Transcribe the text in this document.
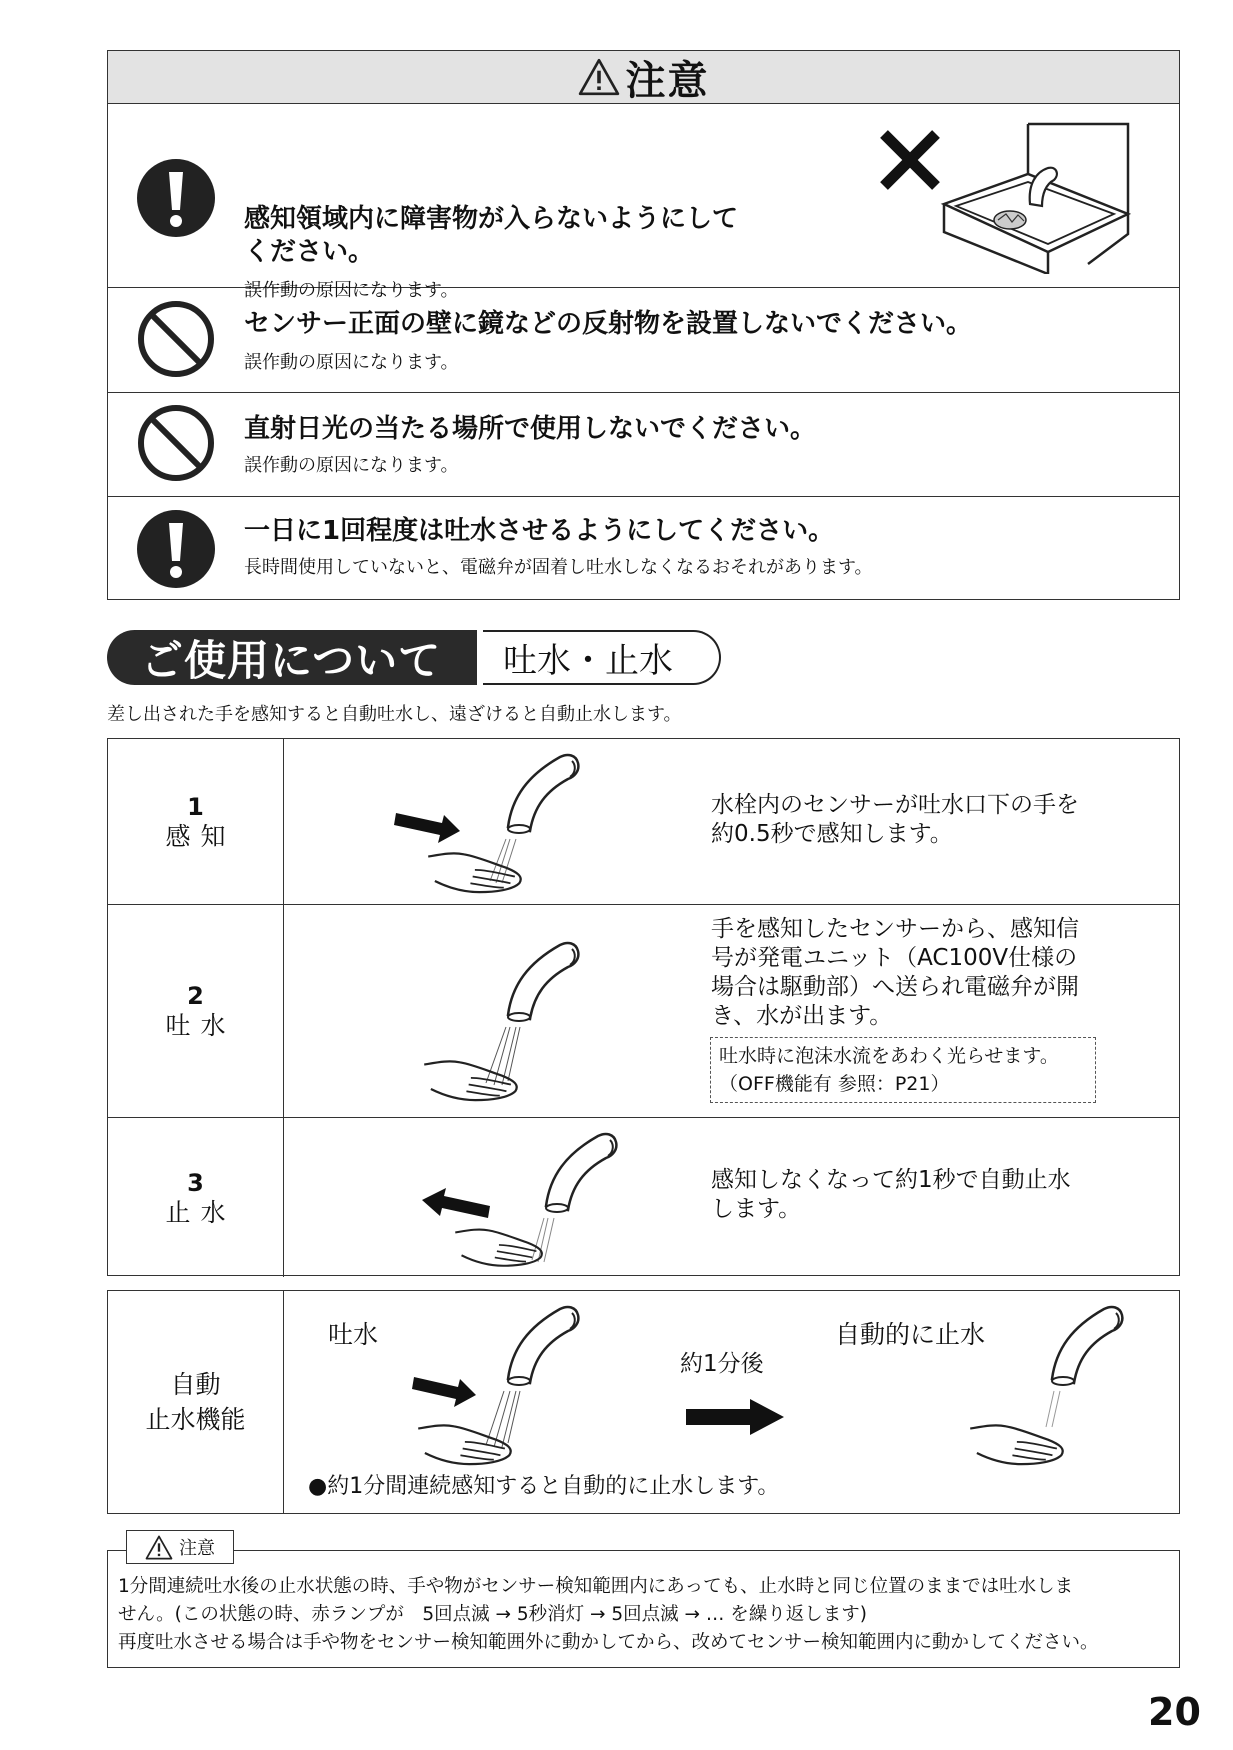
注意
感知領域内に障害物が入らないようにして
ください。
誤作動の原因になります。
センサー正面の壁に鏡などの反射物を設置しないでください。
誤作動の原因になります。
直射日光の当たる場所で使用しないでください。
誤作動の原因になります。
一日に1回程度は吐水させるようにしてください。
長時間使用していないと、電磁弁が固着し吐水しなくなるおそれがあります。
ご使用について	吐水・止水
差し出された手を感知すると自動吐水し、遠ざけると自動止水します。
1
感知
水栓内のセンサーが吐水口下の手を
約0.5秒で感知します。
2
吐水
手を感知したセンサーから、感知信
号が発電ユニット（AC100V仕様の
場合は駆動部）へ送られ電磁弁が開
き、水が出ます。
吐水時に泡沫水流をあわく光らせます。
（OFF機能有 参照：P21）
3
止水
感知しなくなって約1秒で自動止水
します。
自動
止水機能
吐水
約1分後
自動的に止水
●約1分間連続感知すると自動的に止水します。
注意
1分間連続吐水後の止水状態の時、手や物がセンサー検知範囲内にあっても、止水時と同じ位置のままでは吐水しま
せん。(この状態の時、赤ランプが　5回点滅 → 5秒消灯 → 5回点滅 → … を繰り返します)
再度吐水させる場合は手や物をセンサー検知範囲外に動かしてから、改めてセンサー検知範囲内に動かしてください。
20
